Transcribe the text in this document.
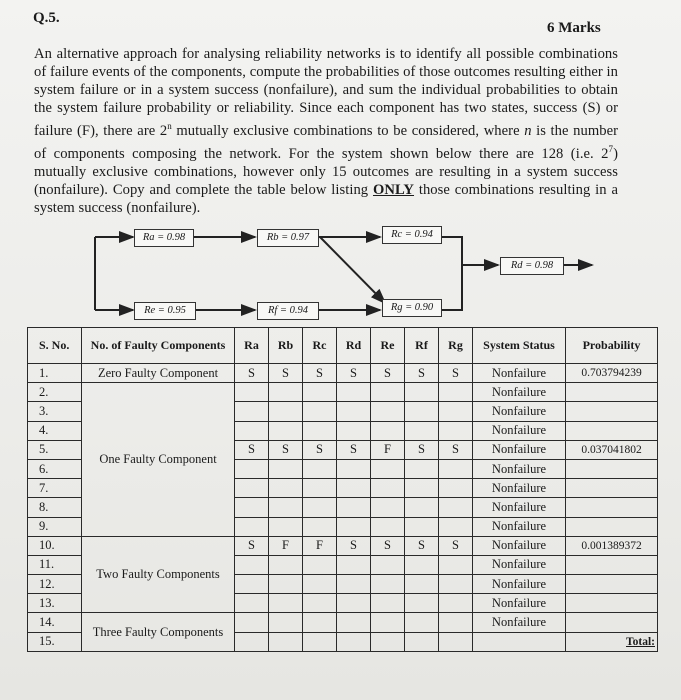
Q.5.
6 Marks
An alternative approach for analysing reliability networks is to identify all possible combinations of failure events of the components, compute the probabilities of those outcomes resulting either in system failure or in a system success (nonfailure), and sum the individual probabilities to obtain the system failure probability or reliability. Since each component has two states, success (S) or failure (F), there are 2$^n$ mutually exclusive combinations to be considered, where n is the number of components composing the network. For the system shown below there are 128 (i.e. $2^7$) mutually exclusive combinations, however only 15 outcomes are resulting in a system success (nonfailure). Copy and complete the table below listing ONLY those combinations resulting in a system success (nonfailure).
Ra = 0.98	Rb = 0.97	Rc = 0.94
Rd = 0.98
Re = 0.95	Rf = 0.94	Rg = 0.90
S. No.	No. of Faulty Components	Ra	Rb	Rc	Rd	Re	Rf	Rg	System Status	Probability
1.	Zero Faulty Component	S	S	S	S	S	S	S	Nonfailure	0.703794239
2.	One Faulty Component								Nonfailure	
3.									Nonfailure	
4.									Nonfailure	
5.		S	S	S	S	F	S	S	Nonfailure	0.037041802
6.									Nonfailure	
7.									Nonfailure	
8.									Nonfailure	
9.									Nonfailure	
10.	Two Faulty Components	S	F	F	S	S	S	S	Nonfailure	0.001389372
11.									Nonfailure	
12.									Nonfailure	
13.									Nonfailure	
14.	Three Faulty Components								Nonfailure	
15.										Total:
